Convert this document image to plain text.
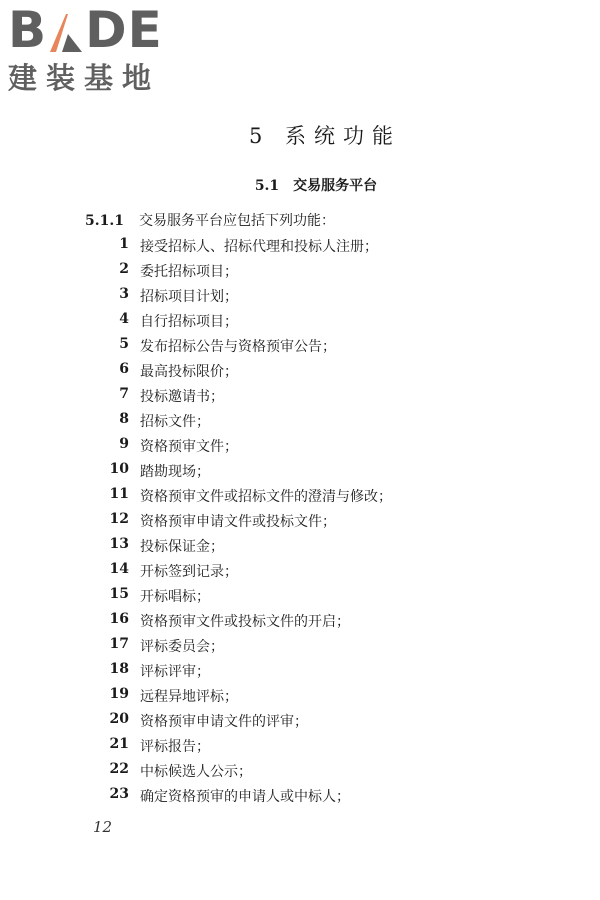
B DE
建装基地
5 系统功能
5.1 交易服务平台
5.1.1 交易服务平台应包括下列功能：
1 接受招标人、招标代理和投标人注册；
2 委托招标项目；
3 招标项目计划；
4 自行招标项目；
5 发布招标公告与资格预审公告；
6 最高投标限价；
7 投标邀请书；
8 招标文件；
9 资格预审文件；
10 踏勘现场；
11 资格预审文件或招标文件的澄清与修改；
12 资格预审申请文件或投标文件；
13 投标保证金；
14 开标签到记录；
15 开标唱标；
16 资格预审文件或投标文件的开启；
17 评标委员会；
18 评标评审；
19 远程异地评标；
20 资格预审申请文件的评审；
21 评标报告；
22 中标候选人公示；
23 确定资格预审的申请人或中标人；
12
